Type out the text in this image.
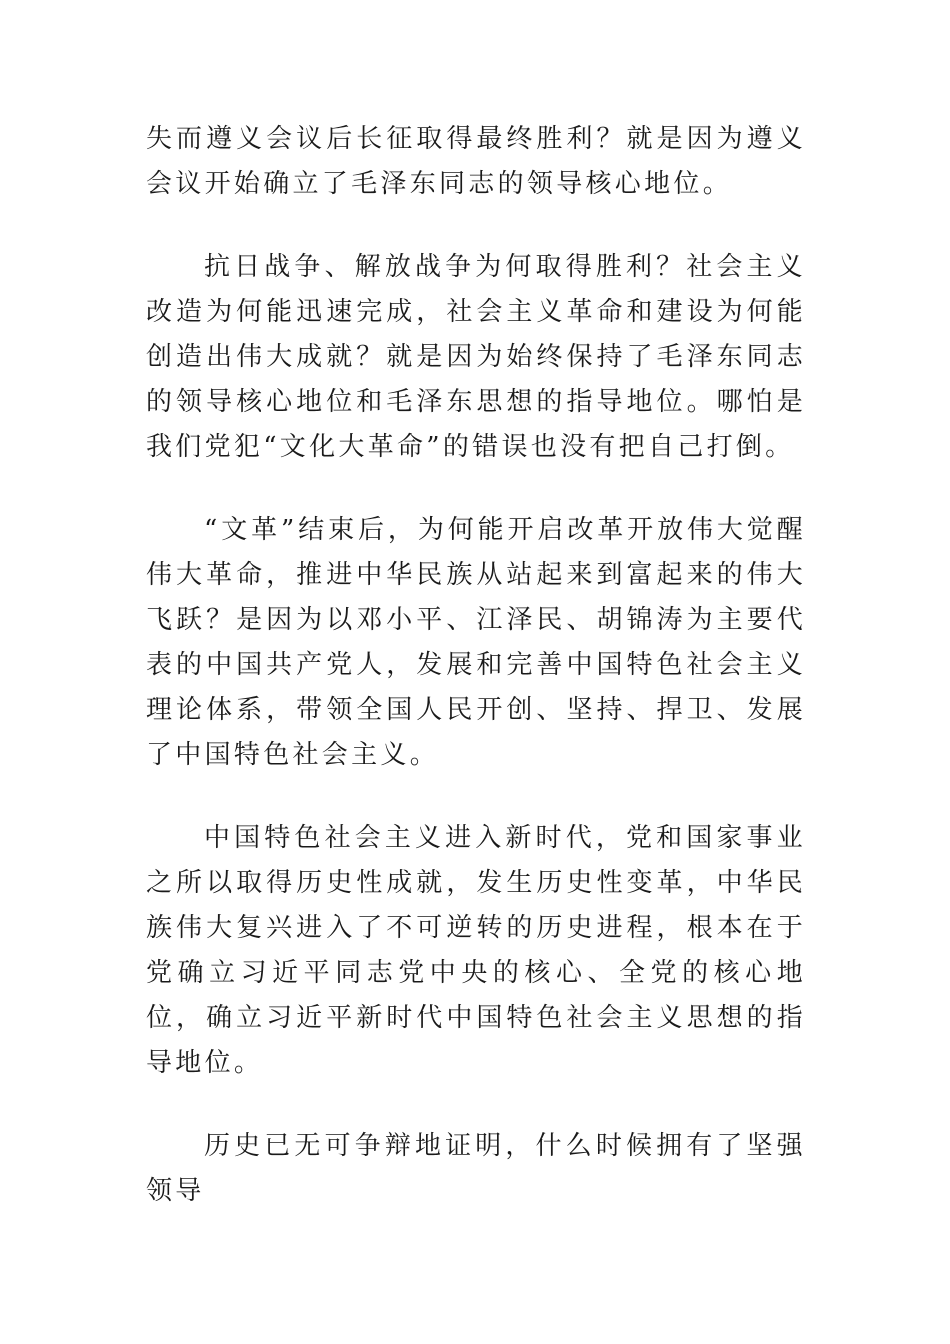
失而遵义会议后长征取得最终胜利？就是因为遵义会议开始确立了毛泽东同志的领导核心地位。

抗日战争、解放战争为何取得胜利？社会主义改造为何能迅速完成，社会主义革命和建设为何能创造出伟大成就？就是因为始终保持了毛泽东同志的领导核心地位和毛泽东思想的指导地位。哪怕是我们党犯“文化大革命”的错误也没有把自己打倒。

“文革”结束后，为何能开启改革开放伟大觉醒伟大革命，推进中华民族从站起来到富起来的伟大飞跃？是因为以邓小平、江泽民、胡锦涛为主要代表的中国共产党人，发展和完善中国特色社会主义理论体系，带领全国人民开创、坚持、捍卫、发展了中国特色社会主义。

中国特色社会主义进入新时代，党和国家事业之所以取得历史性成就，发生历史性变革，中华民族伟大复兴进入了不可逆转的历史进程，根本在于党确立习近平同志党中央的核心、全党的核心地位，确立习近平新时代中国特色社会主义思想的指导地位。

历史已无可争辩地证明，什么时候拥有了坚强领导
